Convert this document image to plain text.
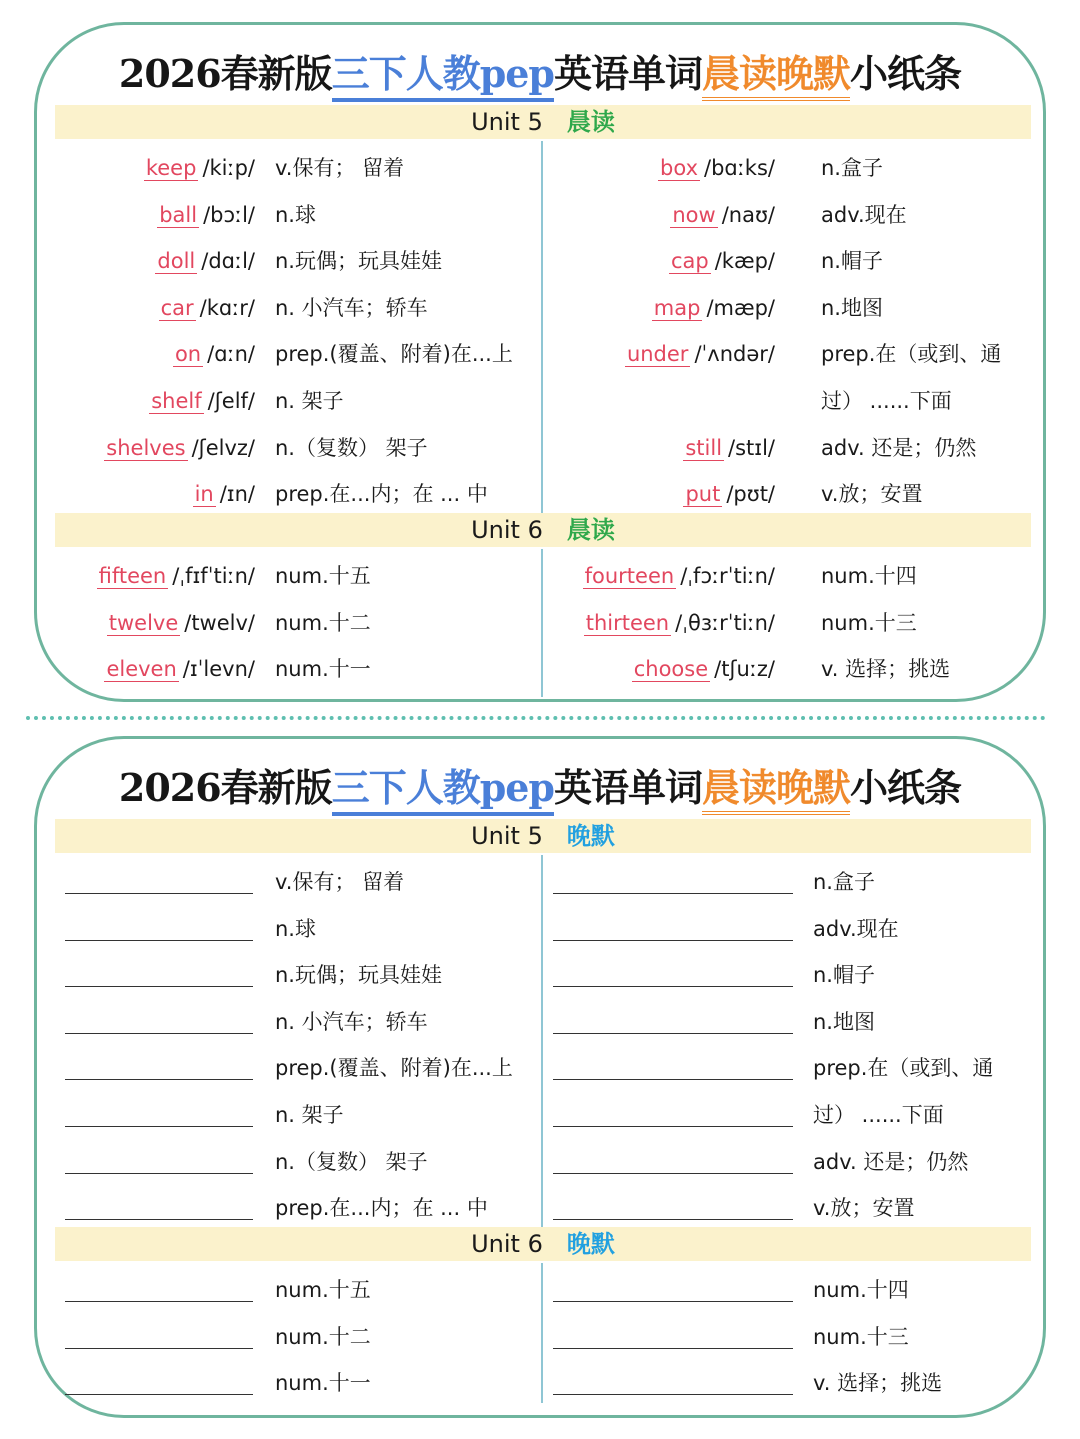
2026春新版三下人教pep英语单词晨读晚默小纸条
Unit 5 晨读
keep /kiːp/ v.保有； 留着
ball /bɔːl/ n.球
doll /dɑːl/ n.玩偶；玩具娃娃
car /kɑːr/ n. 小汽车；轿车
on /ɑːn/ prep.(覆盖、附着)在...上
shelf /ʃelf/ n. 架子
shelves /ʃelvz/ n.（复数） 架子
in /ɪn/ prep.在...内；在 ... 中
box /bɑːks/ n.盒子
now /naʊ/ adv.现在
cap /kæp/ n.帽子
map /mæp/ n.地图
under /ˈʌndər/ prep.在（或到、通
过） ......下面
still /stɪl/ adv. 还是；仍然
put /pʊt/ v.放；安置
Unit 6 晨读
fifteen /ˌfɪfˈtiːn/ num.十五
twelve /twelv/ num.十二
eleven /ɪˈlevn/ num.十一
fourteen /ˌfɔːrˈtiːn/ num.十四
thirteen /ˌθɜːrˈtiːn/ num.十三
choose /tʃuːz/ v. 选择；挑选
2026春新版三下人教pep英语单词晨读晚默小纸条
Unit 5 晚默
v.保有； 留着
n.球
n.玩偶；玩具娃娃
n. 小汽车；轿车
prep.(覆盖、附着)在...上
n. 架子
n.（复数） 架子
prep.在...内；在 ... 中
n.盒子
adv.现在
n.帽子
n.地图
prep.在（或到、通
过） ......下面
adv. 还是；仍然
v.放；安置
Unit 6 晚默
num.十五
num.十二
num.十一
num.十四
num.十三
v. 选择；挑选
